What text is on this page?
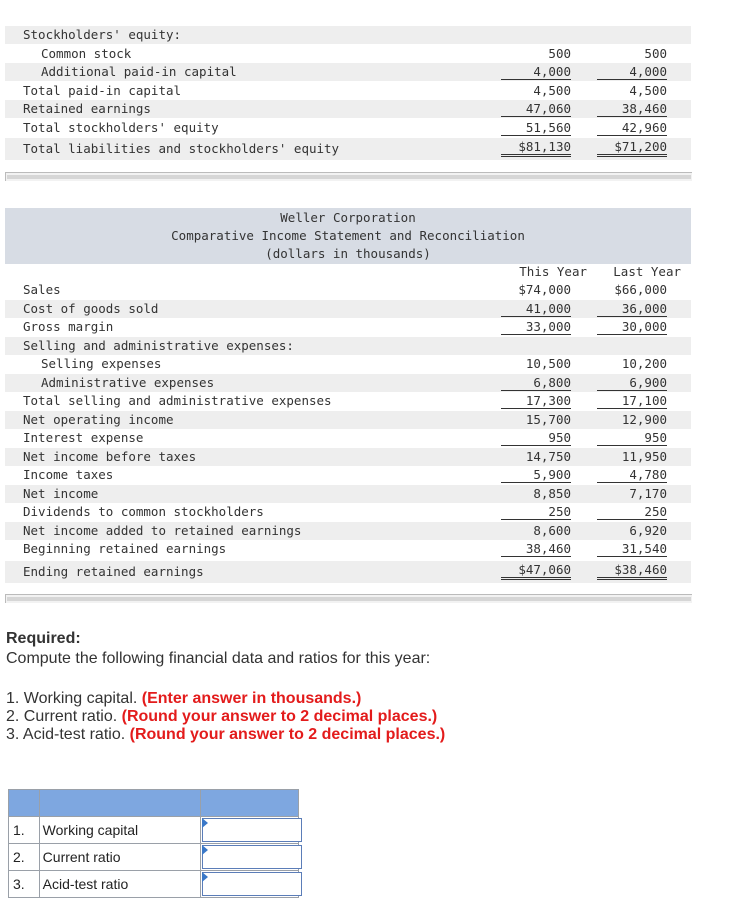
Stockholders' equity:
Common stock	500	500
Additional paid-in capital	4,000	4,000
Total paid-in capital	4,500	4,500
Retained earnings	47,060	38,460
Total stockholders' equity	51,560	42,960
Total liabilities and stockholders' equity	$81,130	$71,200
Weller Corporation
Comparative Income Statement and Reconciliation
(dollars in thousands)
This Year	Last Year
Sales	$74,000	$66,000
Cost of goods sold	41,000	36,000
Gross margin	33,000	30,000
Selling and administrative expenses:
Selling expenses	10,500	10,200
Administrative expenses	6,800	6,900
Total selling and administrative expenses	17,300	17,100
Net operating income	15,700	12,900
Interest expense	950	950
Net income before taxes	14,750	11,950
Income taxes	5,900	4,780
Net income	8,850	7,170
Dividends to common stockholders	250	250
Net income added to retained earnings	8,600	6,920
Beginning retained earnings	38,460	31,540
Ending retained earnings	$47,060	$38,460
Required:
Compute the following financial data and ratios for this year:
1. Working capital. (Enter answer in thousands.)
2. Current ratio. (Round your answer to 2 decimal places.)
3. Acid-test ratio. (Round your answer to 2 decimal places.)

1.	Working capital	

2.	Current ratio	

3.	Acid-test ratio	
